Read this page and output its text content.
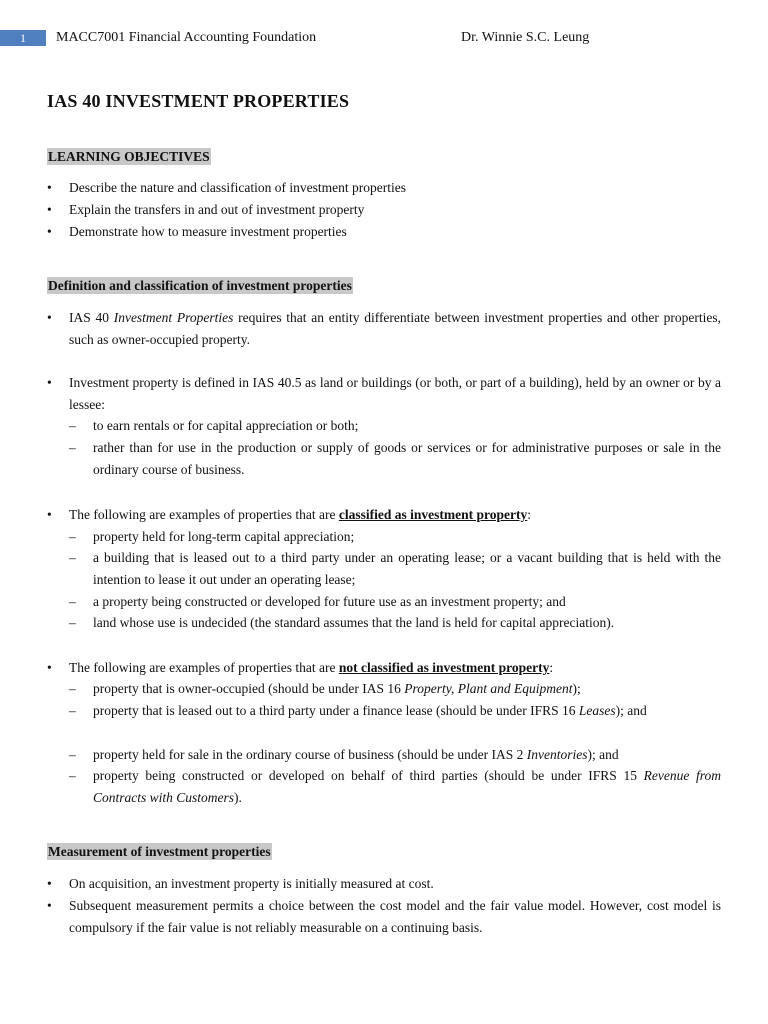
1	MACC7001 Financial Accounting Foundation	Dr. Winnie S.C. Leung
IAS 40 INVESTMENT PROPERTIES
LEARNING OBJECTIVES
• Describe the nature and classification of investment properties
• Explain the transfers in and out of investment property
• Demonstrate how to measure investment properties
Definition and classification of investment properties
• IAS 40 Investment Properties requires that an entity differentiate between investment properties and other properties, such as owner-occupied property.
• Investment property is defined in IAS 40.5 as land or buildings (or both, or part of a building), held by an owner or by a lessee:
– to earn rentals or for capital appreciation or both;
– rather than for use in the production or supply of goods or services or for administrative purposes or sale in the ordinary course of business.
• The following are examples of properties that are classified as investment property:
– property held for long-term capital appreciation;
– a building that is leased out to a third party under an operating lease; or a vacant building that is held with the intention to lease it out under an operating lease;
– a property being constructed or developed for future use as an investment property; and
– land whose use is undecided (the standard assumes that the land is held for capital appreciation).
• The following are examples of properties that are not classified as investment property:
– property that is owner-occupied (should be under IAS 16 Property, Plant and Equipment);
– property that is leased out to a third party under a finance lease (should be under IFRS 16 Leases); and
– property held for sale in the ordinary course of business (should be under IAS 2 Inventories); and
– property being constructed or developed on behalf of third parties (should be under IFRS 15 Revenue from Contracts with Customers).
Measurement of investment properties
• On acquisition, an investment property is initially measured at cost.
• Subsequent measurement permits a choice between the cost model and the fair value model. However, cost model is compulsory if the fair value is not reliably measurable on a continuing basis.
